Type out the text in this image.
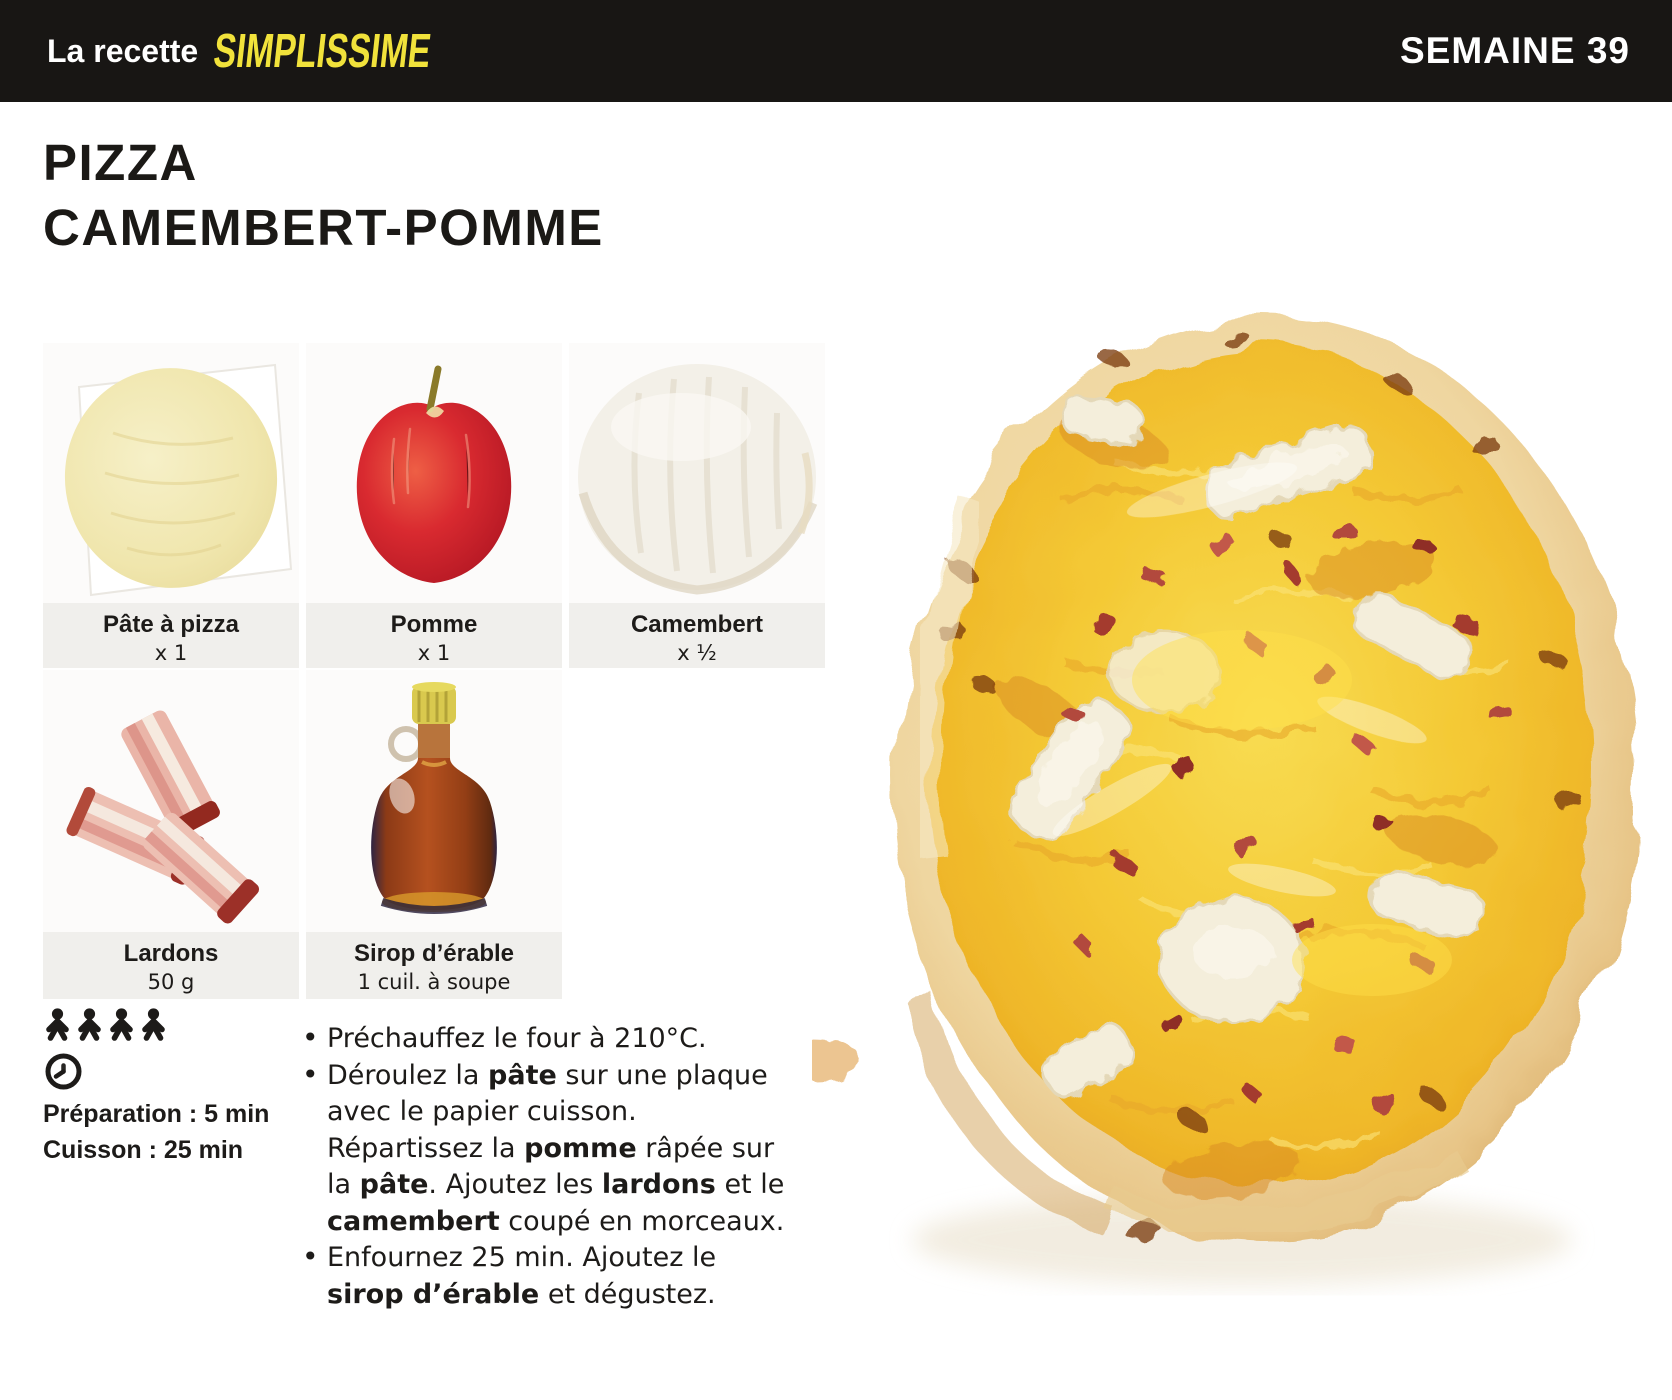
La recette SIMPLISSIME	SEMAINE 39
PIZZA
CAMEMBERT-POMME
Pâte à pizza
x 1
Pomme
x 1
Camembert
x ½
Lardons
50 g
Sirop d’érable
1 cuil. à soupe
Préparation : 5 min
Cuisson : 25 min
• Préchauffez le four à 210°C.
• Déroulez la pâte sur une plaque avec le papier cuisson. Répartissez la pomme râpée sur la pâte. Ajoutez les lardons et le camembert coupé en morceaux.
• Enfournez 25 min. Ajoutez le sirop d’érable et dégustez.
